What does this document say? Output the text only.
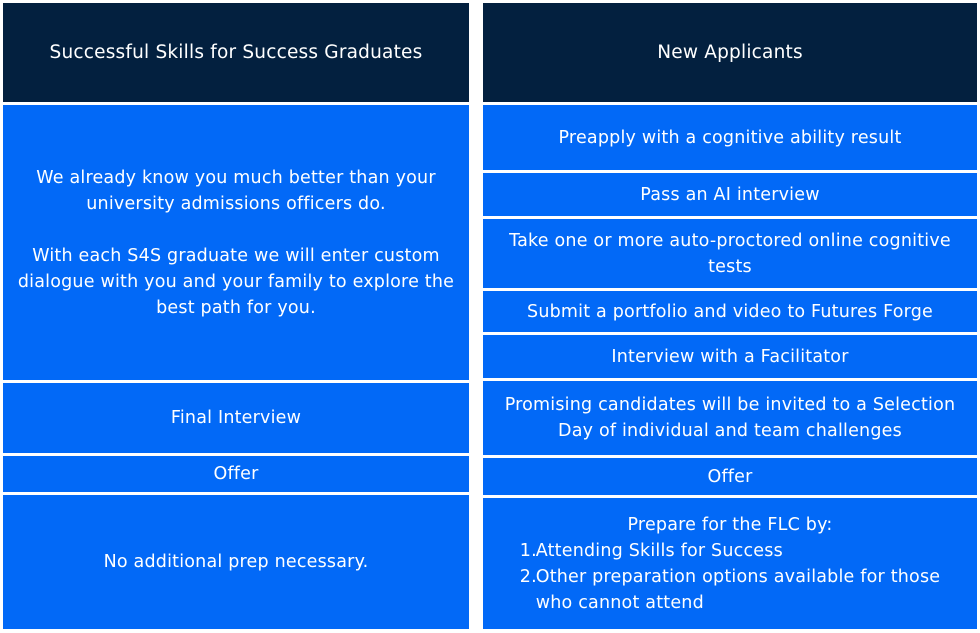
Successful Skills for Success Graduates
We already know you much better than your
university admissions officers do.
With each S4S graduate we will enter custom
dialogue with you and your family to explore the
best path for you.
Final Interview
Offer
No additional prep necessary.
New Applicants
Preapply with a cognitive ability result
Pass an AI interview
Take one or more auto-proctored online cognitive
tests
Submit a portfolio and video to Futures Forge
Interview with a Facilitator
Promising candidates will be invited to a Selection
Day of individual and team challenges
Offer
Prepare for the FLC by:
1.
Attending Skills for Success
2.
Other preparation options available for those
who cannot attend
